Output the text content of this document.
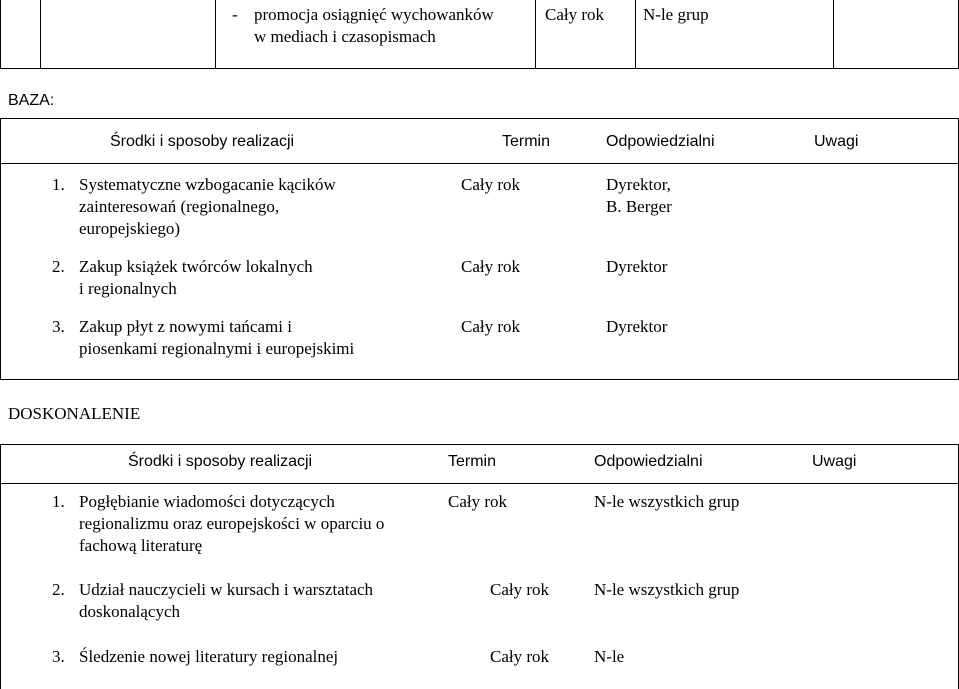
- promocja osiągnięć wychowanków
w mediach i czasopismach
Cały rok N-le grup
BAZA:
Środki i sposoby realizacji	Termin	Odpowiedzialni	Uwagi
1. Systematyczne wzbogacanie kącików
zainteresowań (regionalnego,
europejskiego)
Cały rok	Dyrektor,
B. Berger
2. Zakup książek twórców lokalnych
i regionalnych
Cały rok	Dyrektor
3. Zakup płyt z nowymi tańcami i
piosenkami regionalnymi i europejskimi
Cały rok	Dyrektor
DOSKONALENIE
Środki i sposoby realizacji	Termin	Odpowiedzialni	Uwagi
1. Pogłębianie wiadomości dotyczących
regionalizmu oraz europejskości w oparciu o
fachową literaturę
Cały rok	N-le wszystkich grup
2. Udział nauczycieli w kursach i warsztatach
doskonalących
Cały rok	N-le wszystkich grup
3. Śledzenie nowej literatury regionalnej	Cały rok	N-le
